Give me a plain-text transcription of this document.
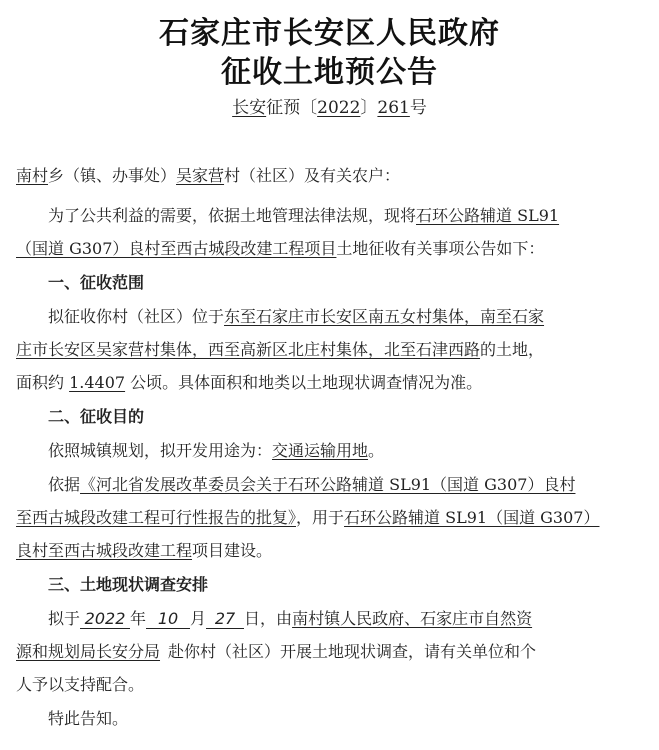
石家庄市长安区人民政府
征收土地预公告
长安征预〔2022〕261号
南村乡（镇、办事处）吴家营村（社区）及有关农户：
为了公共利益的需要，依据土地管理法律法规，现将石环公路辅道 SL91
（国道 G307）良村至西古城段改建工程项目土地征收有关事项公告如下：
一、征收范围
拟征收你村（社区）位于东至石家庄市长安区南五女村集体，南至石家
庄市长安区吴家营村集体，西至高新区北庄村集体，北至石津西路的土地，
面积约 1.4407 公顷。具体面积和地类以土地现状调查情况为准。
二、征收目的
依照城镇规划，拟开发用途为：交通运输用地。
依据《河北省发展改革委员会关于石环公路辅道 SL91（国道 G307）良村
至西古城段改建工程可行性报告的批复》，用于石环公路辅道 SL91（国道 G307）
良村至西古城段改建工程项目建设。
三、土地现状调查安排
拟于 2022 年 10 月 27 日，由南村镇人民政府、石家庄市自然资
源和规划局长安分局 赴你村（社区）开展土地现状调查，请有关单位和个
人予以支持配合。
特此告知。
